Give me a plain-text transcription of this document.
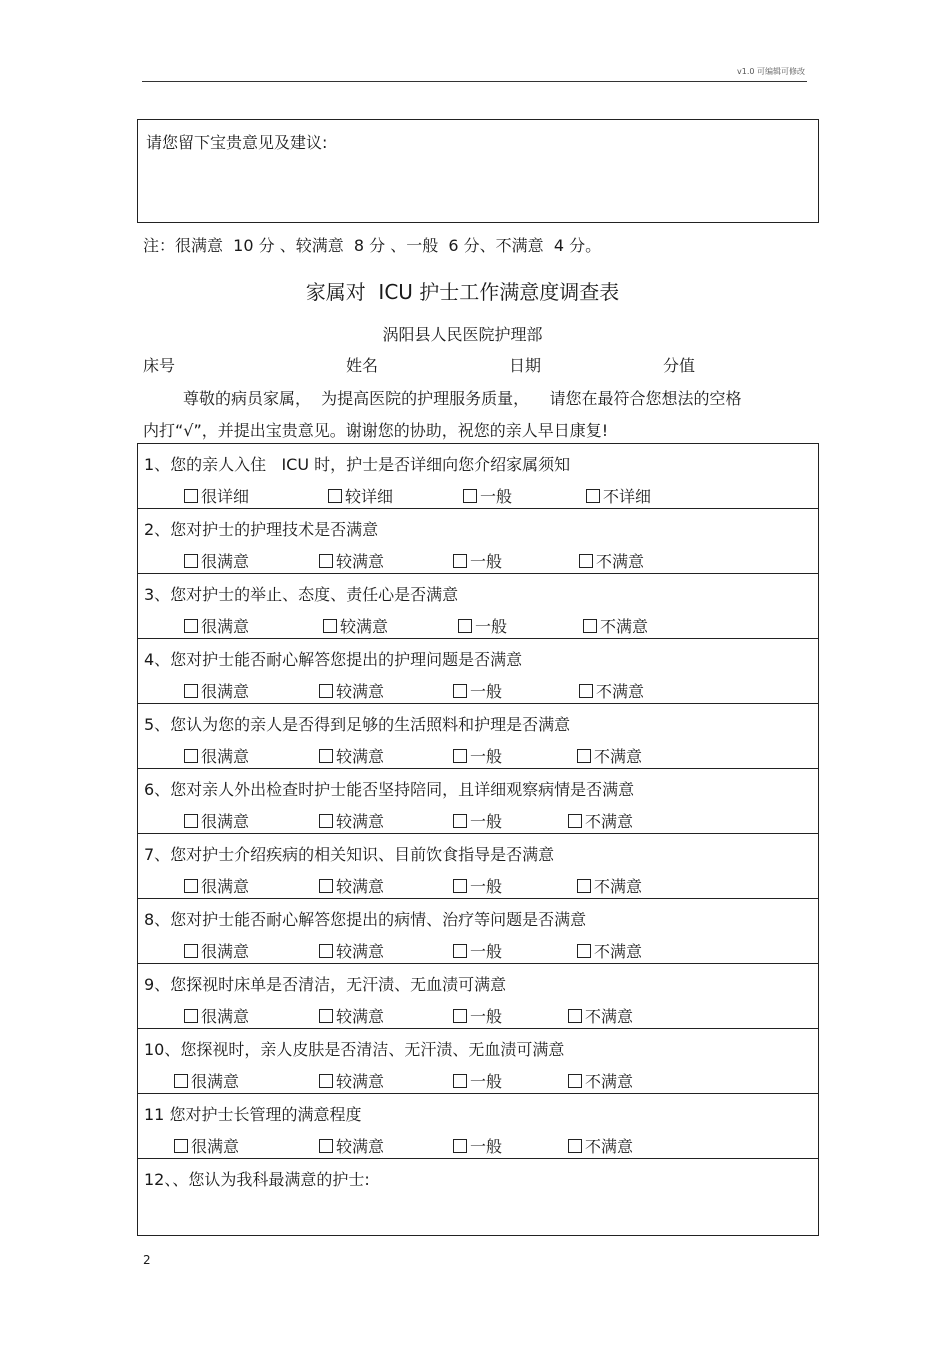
v1.0 可编辑可修改
请您留下宝贵意见及建议:
注：很满意  10 分 、较满意  8 分 、一般  6 分、不满意  4 分。
家属对  ICU 护士工作满意度调查表
涡阳县人民医院护理部
床号	姓名	日期	分值
尊敬的病员家属，  为提高医院的护理服务质量，    请您在最符合您想法的空格
内打“√”，并提出宝贵意见。谢谢您的协助，祝您的亲人早日康复!
1、您的亲人入住   ICU 时，护士是否详细向您介绍家属须知
很详细	较详细	一般	不详细
2、您对护士的护理技术是否满意
很满意	较满意	一般	不满意
3、您对护士的举止、态度、责任心是否满意
很满意	较满意	一般	不满意
4、您对护士能否耐心解答您提出的护理问题是否满意
很满意	较满意	一般	不满意
5、您认为您的亲人是否得到足够的生活照料和护理是否满意
很满意	较满意	一般	不满意
6、您对亲人外出检查时护士能否坚持陪同，且详细观察病情是否满意
很满意	较满意	一般	不满意
7、您对护士介绍疾病的相关知识、目前饮食指导是否满意
很满意	较满意	一般	不满意
8、您对护士能否耐心解答您提出的病情、治疗等问题是否满意
很满意	较满意	一般	不满意
9、您探视时床单是否清洁，无汗渍、无血渍可满意
很满意	较满意	一般	不满意
10、您探视时，亲人皮肤是否清洁、无汗渍、无血渍可满意
很满意	较满意	一般	不满意
11 您对护士长管理的满意程度
很满意	较满意	一般	不满意
12、、您认为我科最满意的护士:
2
